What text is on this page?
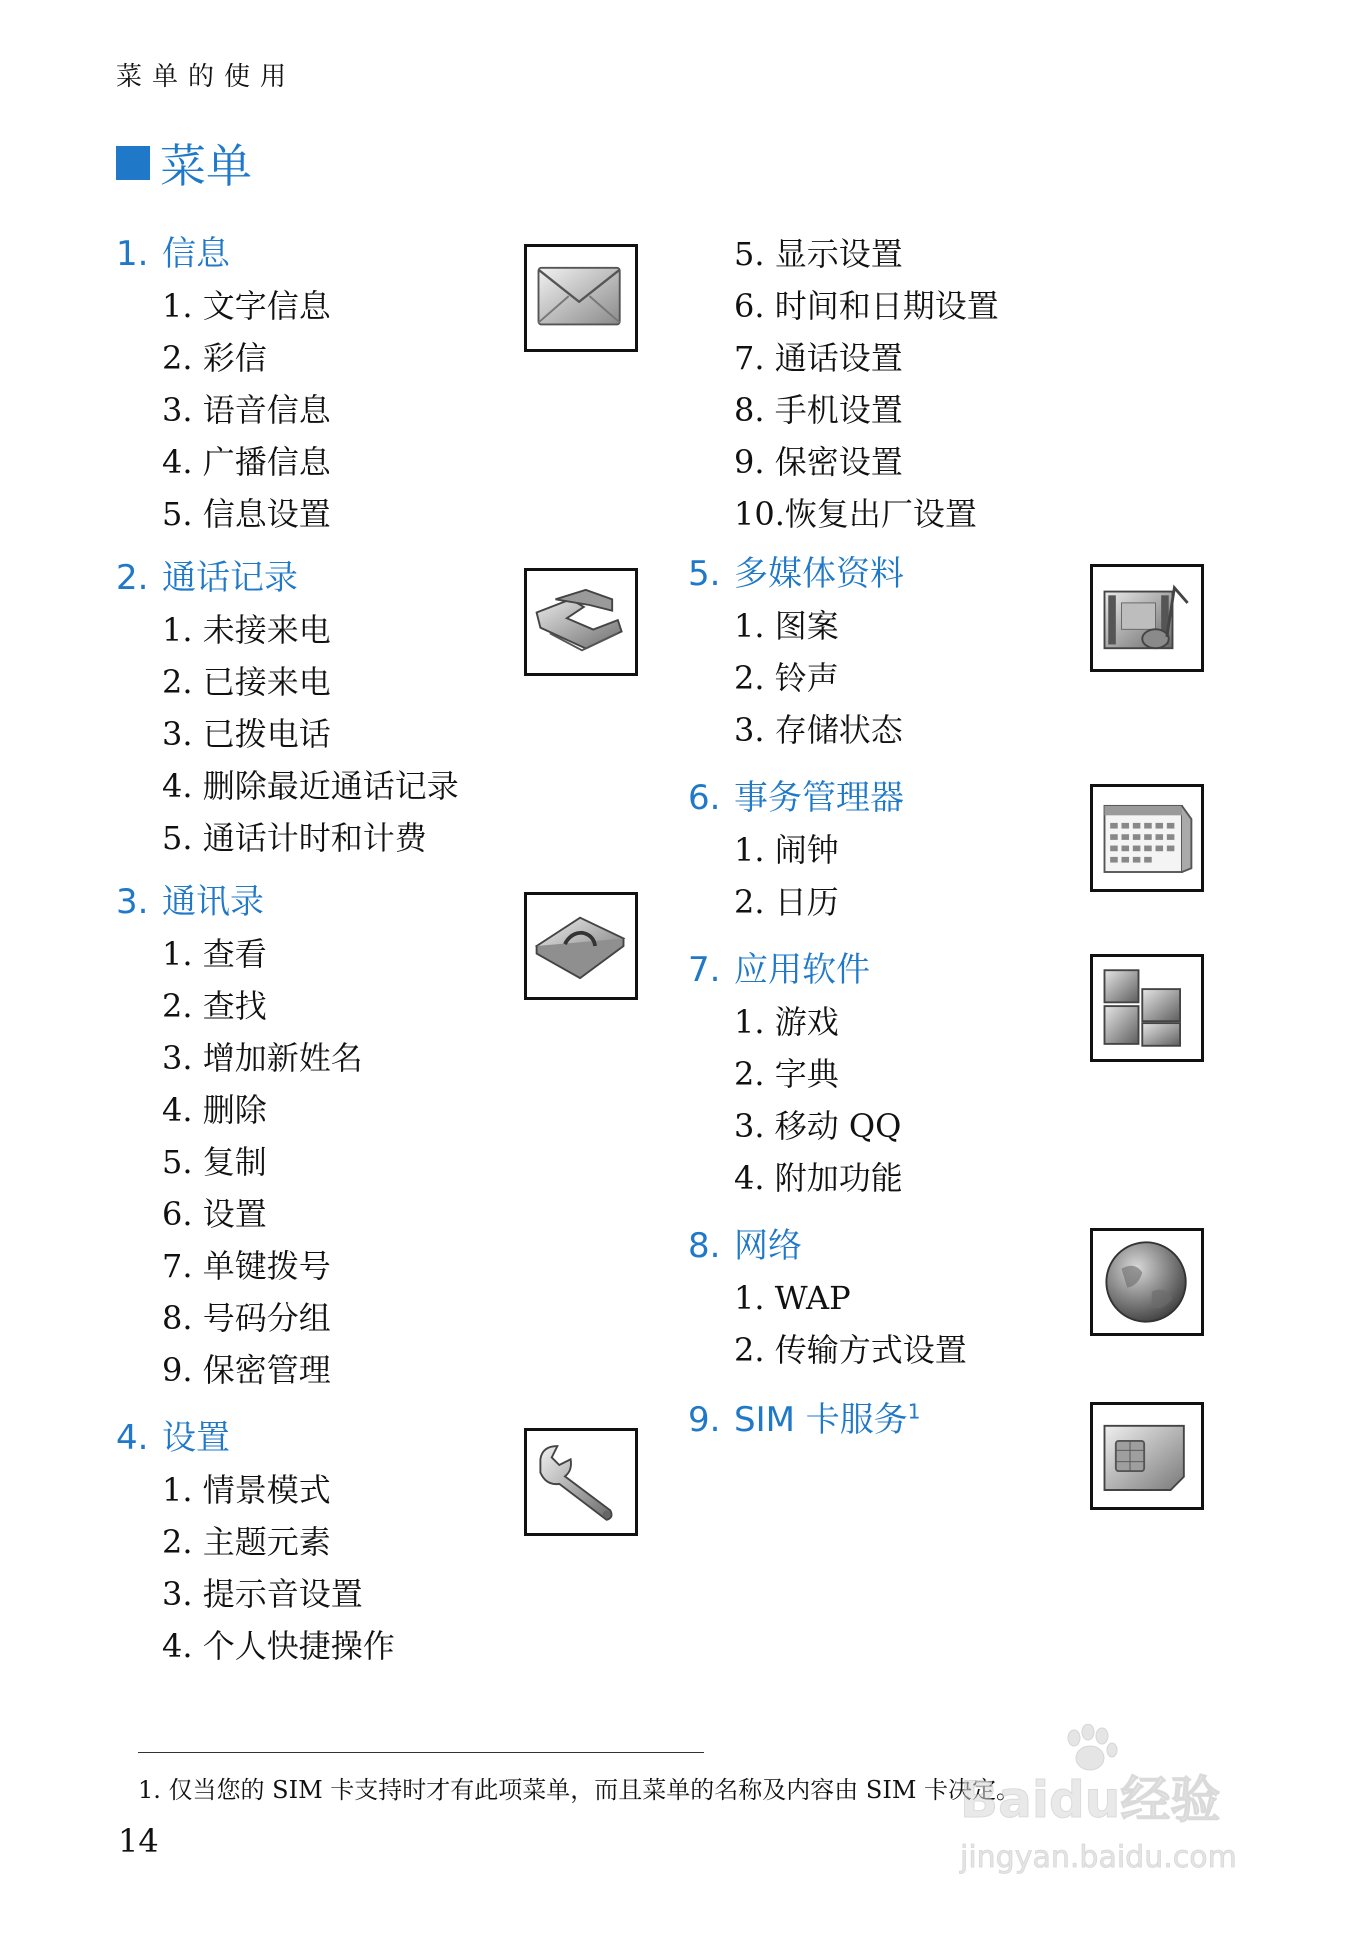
菜单的使用
菜单
1. 信息
1. 文字信息
2. 彩信
3. 语音信息
4. 广播信息
5. 信息设置
2. 通话记录
1. 未接来电
2. 已接来电
3. 已拨电话
4. 删除最近通话记录
5. 通话计时和计费
3. 通讯录
1. 查看
2. 查找
3. 增加新姓名
4. 删除
5. 复制
6. 设置
7. 单键拨号
8. 号码分组
9. 保密管理
4. 设置
1. 情景模式
2. 主题元素
3. 提示音设置
4. 个人快捷操作
5. 显示设置
6. 时间和日期设置
7. 通话设置
8. 手机设置
9. 保密设置
10.恢复出厂设置
5. 多媒体资料
1. 图案
2. 铃声
3. 存储状态
6. 事务管理器
1. 闹钟
2. 日历
7. 应用软件
1. 游戏
2. 字典
3. 移动 QQ
4. 附加功能
8. 网络
1. WAP
2. 传输方式设置
9. SIM 卡服务$^1$
1. 仅当您的 SIM 卡支持时才有此项菜单，而且菜单的名称及内容由 SIM 卡决定。
14
Baidu经验
jingyan.baidu.com
